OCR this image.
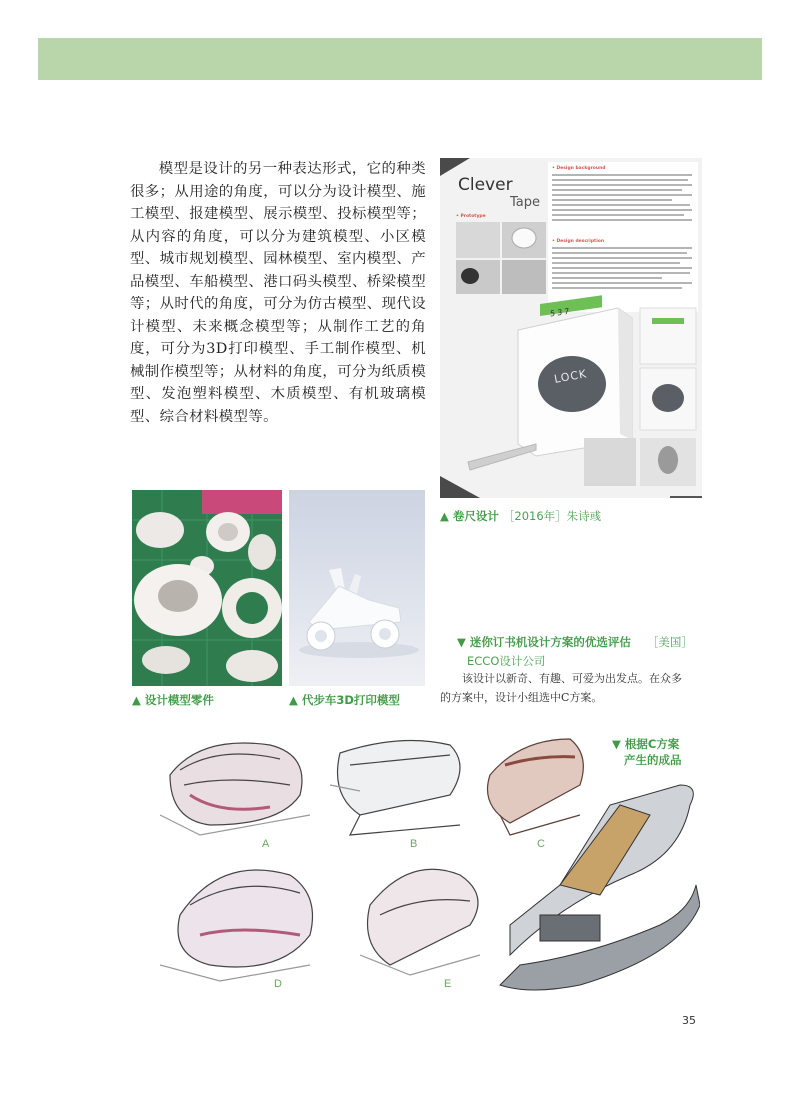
模型是设计的另一种表达形式，它的种类很多；从用途的角度，可以分为设计模型、施工模型、报建模型、展示模型、投标模型等；从内容的角度，可以分为建筑模型、小区模型、城市规划模型、园林模型、室内模型、产品模型、车船模型、港口码头模型、桥梁模型等；从时代的角度，可分为仿古模型、现代设计模型、未来概念模型等；从制作工艺的角度，可分为3D打印模型、手工制作模型、机械制作模型等；从材料的角度，可分为纸质模型、发泡塑料模型、木质模型、有机玻璃模型、综合材料模型等。
Clever
Tape
• Design background
• Prototype
• Design description
537
LOCK
▲ 卷尺设计 ［2016年］朱诗彧
▲ 设计模型零件	▲ 代步车3D打印模型
▼ 迷你订书机设计方案的优选评估 ［美国］
ECCO设计公司
该设计以新奇、有趣、可爱为出发点。在众多的方案中，设计小组选中C方案。
A	B	C
D	E
▼ 根据C方案
产生的成品
35
